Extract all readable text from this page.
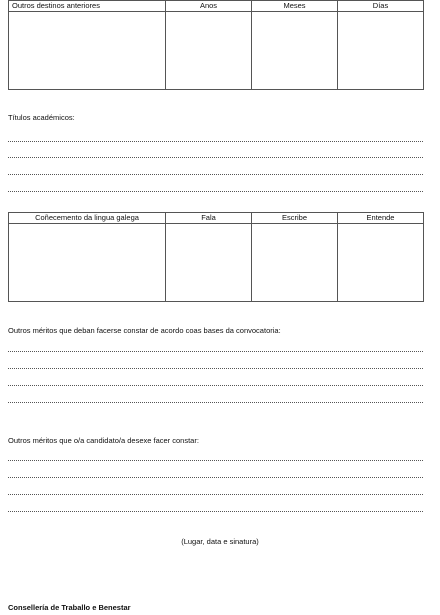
Outros destinos anteriores	Anos	Meses	Días

Títulos académicos:
Coñecemento da lingua galega	Fala	Escribe	Entende

Outros méritos que deban facerse constar de acordo coas bases da convocatoria:
Outros méritos que o/a candidato/a desexe facer constar:
(Lugar, data e sinatura)
Consellería de Traballo e Benestar
